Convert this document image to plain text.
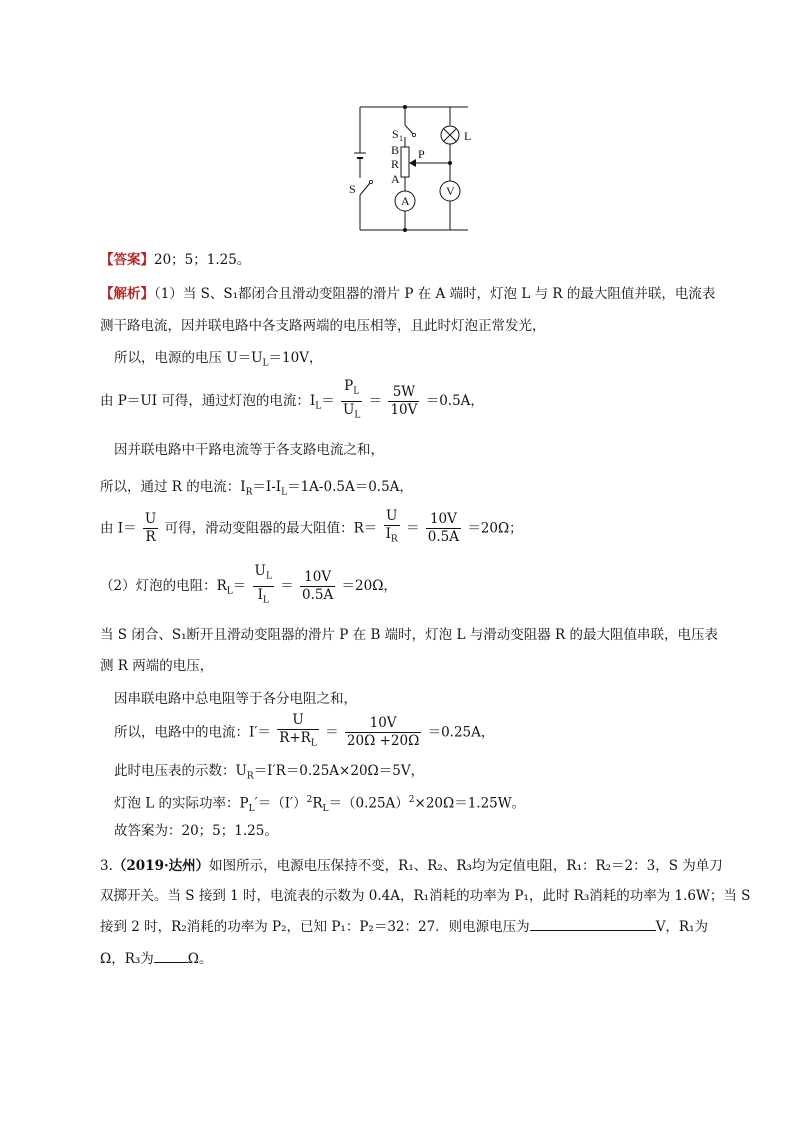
S 1	L
B P
R
A
S
A
V
【答案】20；5；1.25。
【解析】（1）当 S、S₁都闭合且滑动变阻器的滑片 P 在 A 端时，灯泡 L 与 R 的最大阻值并联，电流表
测干路电流，因并联电路中各支路两端的电压相等，且此时灯泡正常发光，
所以，电源的电压 $U=U_L=10V$，
由 P＝UI 可得，通过灯泡的电流：$I_L= \frac{P_L}{U_L} = \frac{5W}{10V} =0.5A$，
因并联电路中干路电流等于各支路电流之和，
所以，通过 R 的电流：$I_R=I-I_L=1A-0.5A=0.5A$，
由 $I= \frac{U}{R}$ 可得，滑动变阻器的最大阻值：$R= \frac{U}{I_R} = \frac{10V}{0.5A} =20\Omega$；
（2）灯泡的电阻：$R_L= \frac{U_L}{I_L} = \frac{10V}{0.5A} =20\Omega$，
当 S 闭合、S₁断开且滑动变阻器的滑片 P 在 B 端时，灯泡 L 与滑动变阻器 R 的最大阻值串联，电压表
测 R 两端的电压，
因串联电路中总电阻等于各分电阻之和，
所以，电路中的电流：$I'= \frac{U}{R+R_L} = \frac{10V}{20\Omega +20\Omega} =0.25A$，
此时电压表的示数：$U_R=I'R=0.25A\times 20\Omega=5V$，
灯泡 L 的实际功率：$P_L'=(I')^2R_L=(0.25A)^2\times 20\Omega=1.25W$。
故答案为：20；5；1.25。
3.（2019·达州）如图所示，电源电压保持不变，R₁、R₂、R₃均为定值电阻，R₁：R₂＝2：3，S 为单刀
双掷开关。当 S 接到 1 时，电流表的示数为 0.4A，R₁消耗的功率为 P₁，此时 R₃消耗的功率为 1.6W；当 S
接到 2 时，R₂消耗的功率为 P₂，已知 P₁：P₂＝32：27．则电源电压为	V，R₁为
Ω，R₃为	Ω。
